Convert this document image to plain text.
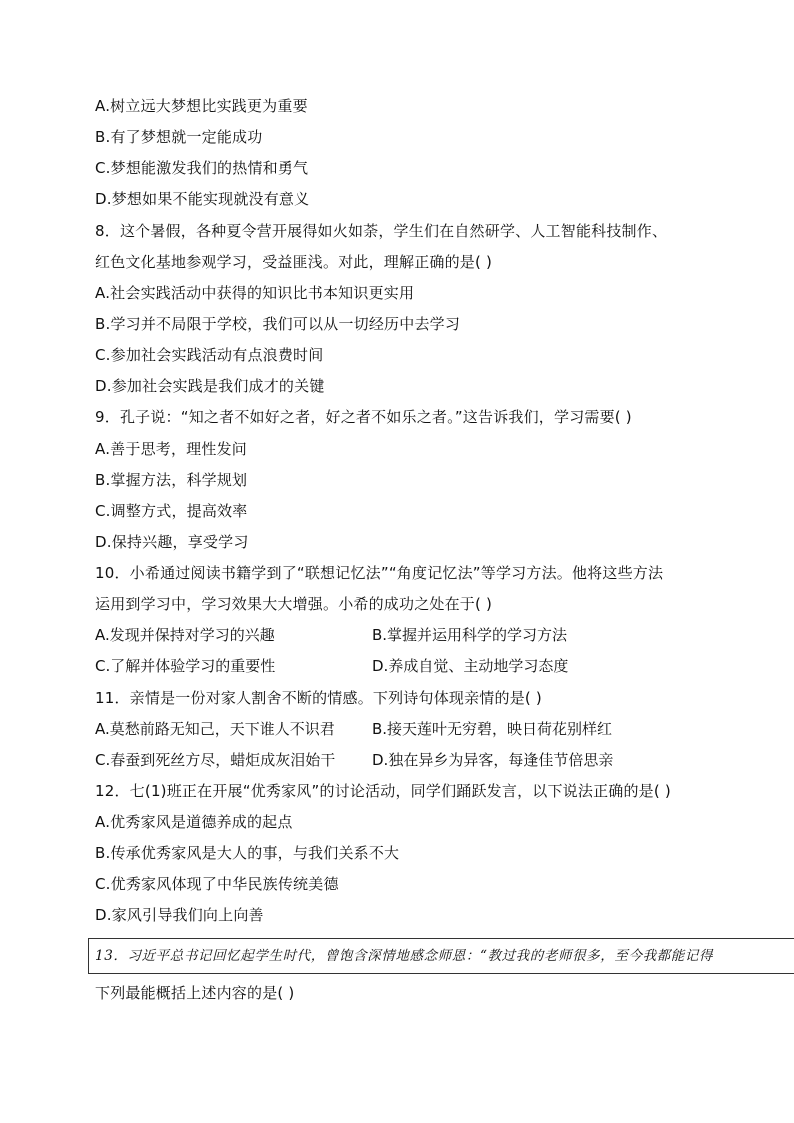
A.树立远大梦想比实践更为重要
B.有了梦想就一定能成功
C.梦想能激发我们的热情和勇气
D.梦想如果不能实现就没有意义
8．这个暑假，各种夏令营开展得如火如荼，学生们在自然研学、人工智能科技制作、
红色文化基地参观学习，受益匪浅。对此，理解正确的是( )
A.社会实践活动中获得的知识比书本知识更实用
B.学习并不局限于学校，我们可以从一切经历中去学习
C.参加社会实践活动有点浪费时间
D.参加社会实践是我们成才的关键
9．孔子说：“知之者不如好之者，好之者不如乐之者。”这告诉我们，学习需要( )
A.善于思考，理性发问
B.掌握方法，科学规划
C.调整方式，提高效率
D.保持兴趣，享受学习
10．小希通过阅读书籍学到了“联想记忆法”“角度记忆法”等学习方法。他将这些方法
运用到学习中，学习效果大大增强。小希的成功之处在于( )
A.发现并保持对学习的兴趣	B.掌握并运用科学的学习方法
C.了解并体验学习的重要性	D.养成自觉、主动地学习态度
11．亲情是一份对家人割舍不断的情感。下列诗句体现亲情的是( )
A.莫愁前路无知己，天下谁人不识君 B.接天莲叶无穷碧，映日荷花别样红
C.春蚕到死丝方尽，蜡炬成灰泪始干 D.独在异乡为异客，每逢佳节倍思亲
12．七(1)班正在开展“优秀家风”的讨论活动，同学们踊跃发言，以下说法正确的是( )
A.优秀家风是道德养成的起点
B.传承优秀家风是大人的事，与我们关系不大
C.优秀家风体现了中华民族传统美德
D.家风引导我们向上向善
13．习近平总书记回忆起学生时代，曾饱含深情地感念师恩：“教过我的老师很多，至今我都能记得
下列最能概括上述内容的是( )
